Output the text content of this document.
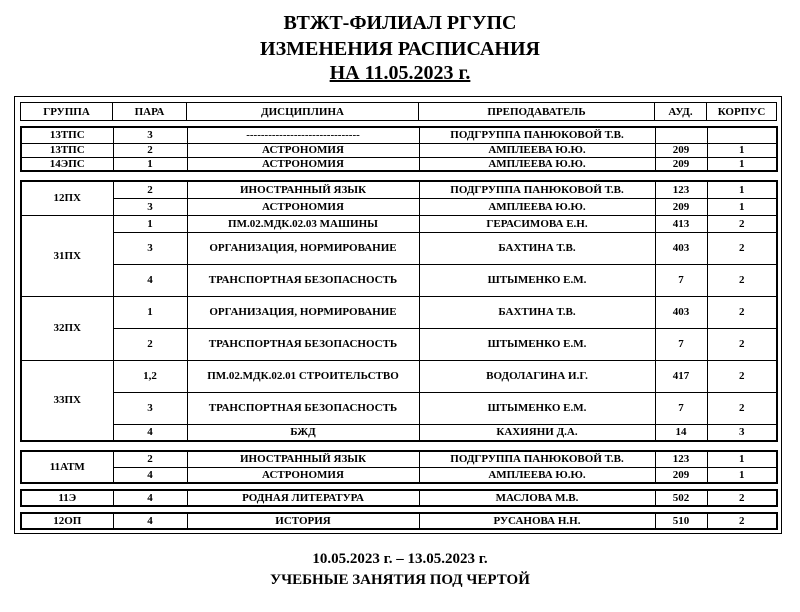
ВТЖТ-ФИЛИАЛ РГУПС
ИЗМЕНЕНИЯ РАСПИСАНИЯ
НА 11.05.2023 г.
ГРУППА	ПАРА	ДИСЦИПЛИНА	ПРЕПОДАВАТЕЛЬ	АУД.	КОРПУС
13ТПС	3	-------------------------------	ПОДГРУППА ПАНЮКОВОЙ Т.В.		
13ТПС	2	АСТРОНОМИЯ	АМПЛЕЕВА Ю.Ю.	209	1
14ЭПС	1	АСТРОНОМИЯ	АМПЛЕЕВА Ю.Ю.	209	1
12ПХ	2	ИНОСТРАННЫЙ ЯЗЫК	ПОДГРУППА ПАНЮКОВОЙ Т.В.	123	1
	3	АСТРОНОМИЯ	АМПЛЕЕВА Ю.Ю.	209	1
31ПХ	1	ПМ.02.МДК.02.03 МАШИНЫ	ГЕРАСИМОВА Е.Н.	413	2
	3	ОРГАНИЗАЦИЯ, НОРМИРОВАНИЕ	БАХТИНА Т.В.	403	2
	4	ТРАНСПОРТНАЯ БЕЗОПАСНОСТЬ	ШТЫМЕНКО Е.М.	7	2
32ПХ	1	ОРГАНИЗАЦИЯ, НОРМИРОВАНИЕ	БАХТИНА Т.В.	403	2
	2	ТРАНСПОРТНАЯ БЕЗОПАСНОСТЬ	ШТЫМЕНКО Е.М.	7	2
33ПХ	1,2	ПМ.02.МДК.02.01 СТРОИТЕЛЬСТВО	ВОДОЛАГИНА И.Г.	417	2
	3	ТРАНСПОРТНАЯ БЕЗОПАСНОСТЬ	ШТЫМЕНКО Е.М.	7	2
	4	БЖД	КАХИЯНИ Д.А.	14	3
11АТМ	2	ИНОСТРАННЫЙ ЯЗЫК	ПОДГРУППА ПАНЮКОВОЙ Т.В.	123	1
	4	АСТРОНОМИЯ	АМПЛЕЕВА Ю.Ю.	209	1
11Э	4	РОДНАЯ ЛИТЕРАТУРА	МАСЛОВА М.В.	502	2
12ОП	4	ИСТОРИЯ	РУСАНОВА Н.Н.	510	2
10.05.2023 г. – 13.05.2023 г.
УЧЕБНЫЕ ЗАНЯТИЯ ПОД ЧЕРТОЙ
